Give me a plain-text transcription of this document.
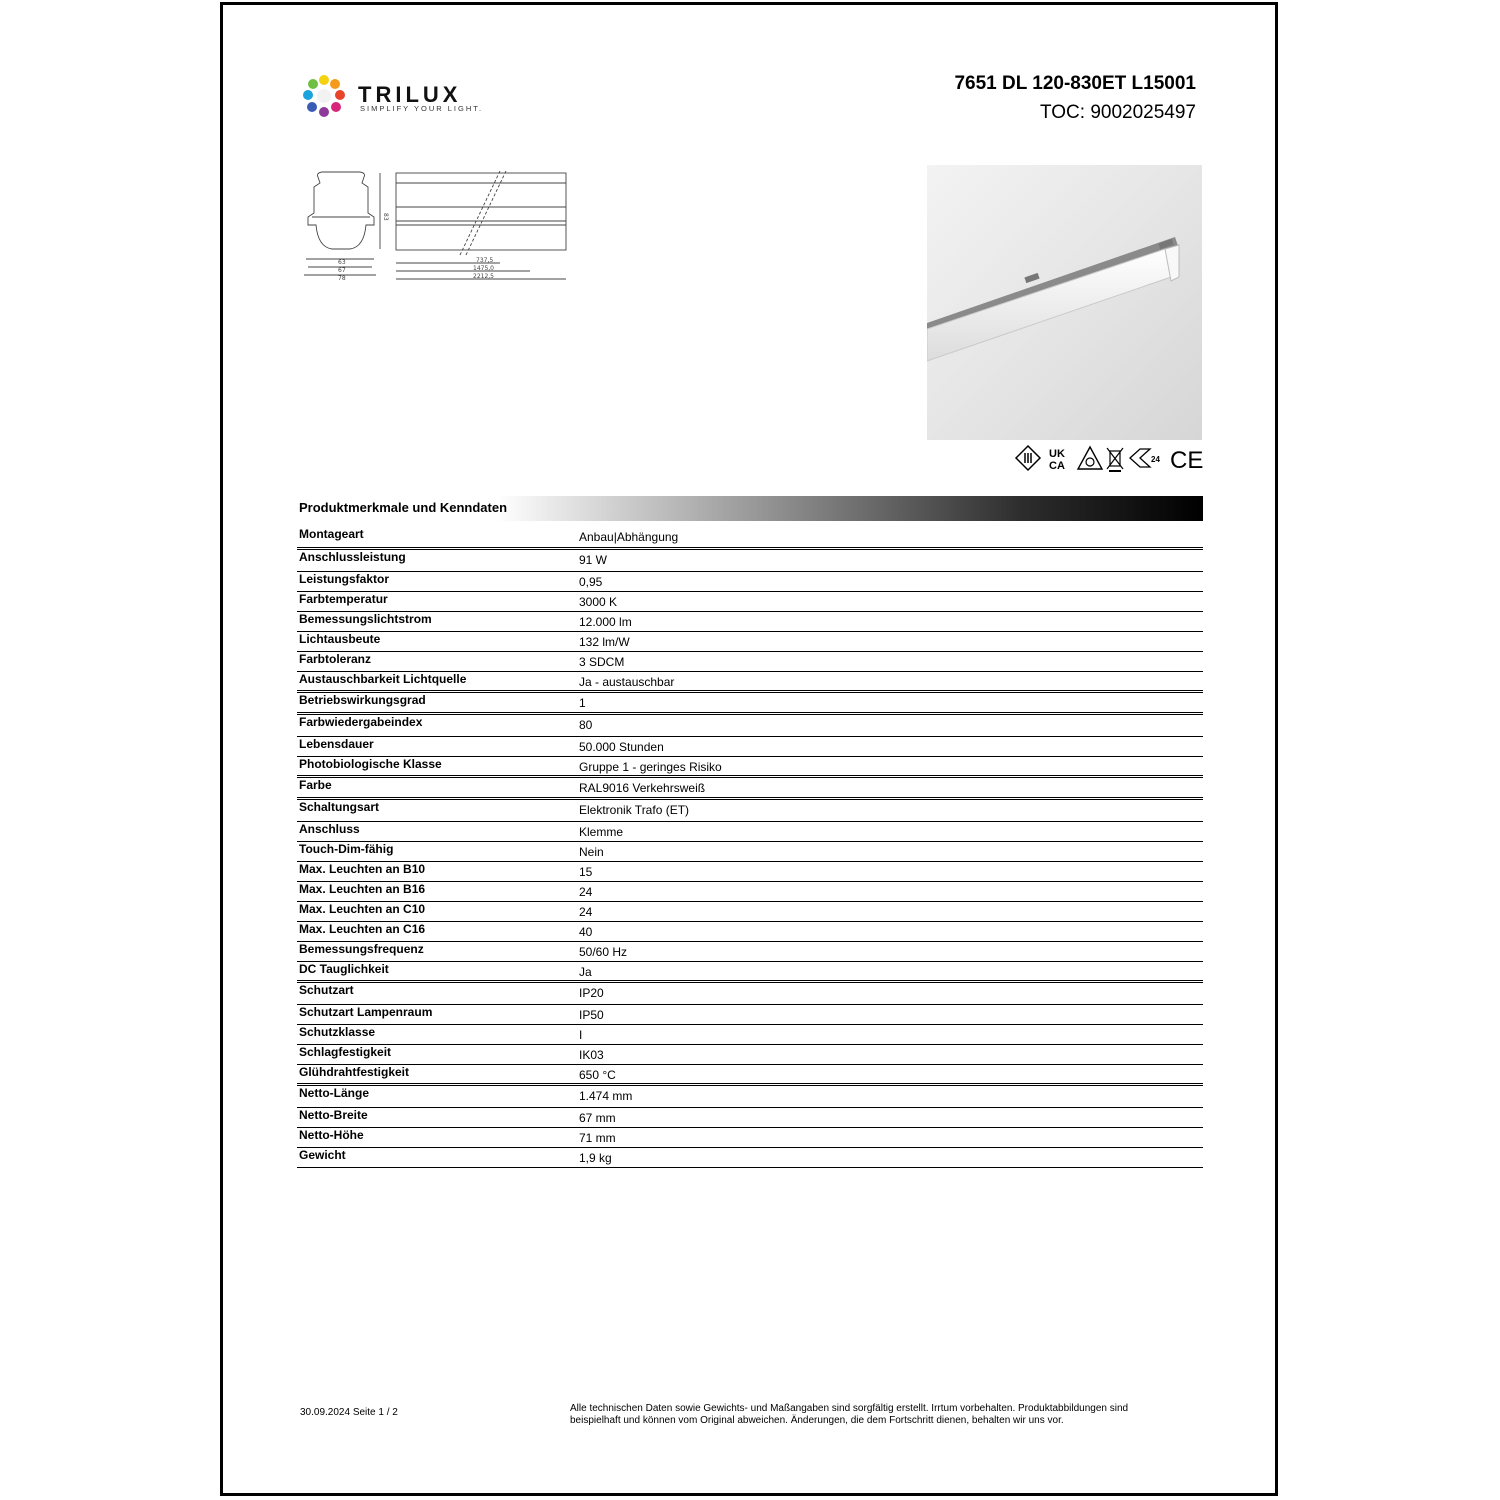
TRILUX
SIMPLIFY YOUR LIGHT.
7651 DL 120-830ET L15001
TOC: 9002025497
83
63
67
78
737,5
1475,0
2212,5
UK
CA
24 CE
Produktmerkmale und Kenndaten
Montageart	Anbau|Abhängung
Anschlussleistung	91 W
Leistungsfaktor	0,95
Farbtemperatur	3000 K
Bemessungslichtstrom	12.000 lm
Lichtausbeute	132 lm/W
Farbtoleranz	3 SDCM
Austauschbarkeit Lichtquelle	Ja - austauschbar
Betriebswirkungsgrad	1
Farbwiedergabeindex	80
Lebensdauer	50.000 Stunden
Photobiologische Klasse	Gruppe 1 - geringes Risiko
Farbe	RAL9016 Verkehrsweiß
Schaltungsart	Elektronik Trafo (ET)
Anschluss	Klemme
Touch-Dim-fähig	Nein
Max. Leuchten an B10	15
Max. Leuchten an B16	24
Max. Leuchten an C10	24
Max. Leuchten an C16	40
Bemessungsfrequenz	50/60 Hz
DC Tauglichkeit	Ja
Schutzart	IP20
Schutzart Lampenraum	IP50
Schutzklasse	I
Schlagfestigkeit	IK03
Glühdrahtfestigkeit	650 °C
Netto-Länge	1.474 mm
Netto-Breite	67 mm
Netto-Höhe	71 mm
Gewicht	1,9 kg
30.09.2024 Seite 1 / 2	Alle technischen Daten sowie Gewichts- und Maßangaben sind sorgfältig erstellt. Irrtum vorbehalten. Produktabbildungen sind beispielhaft und können vom Original abweichen. Änderungen, die dem Fortschritt dienen, behalten wir uns vor.
